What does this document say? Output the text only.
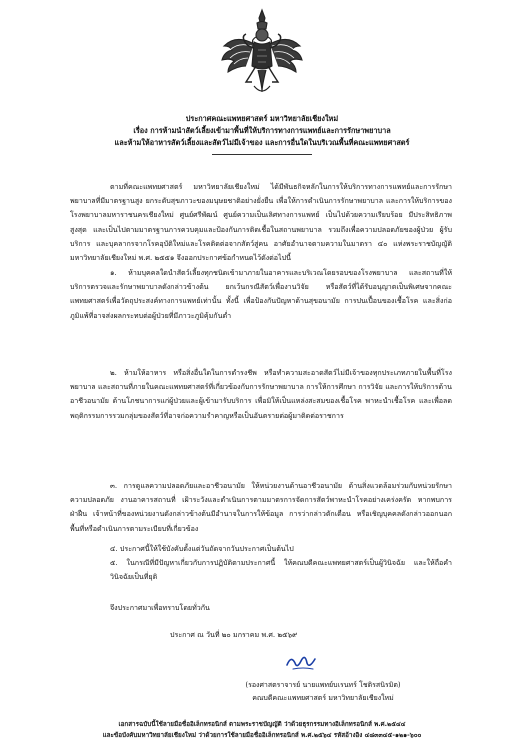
ประกาศคณะแพทยศาสตร์ มหาวิทยาลัยเชียงใหม่
เรื่อง การห้ามนำสัตว์เลี้ยงเข้ามาพื้นที่ให้บริการทางการแพทย์และการรักษาพยาบาล
และห้ามให้อาหารสัตว์เลี้ยงและสัตว์ไม่มีเจ้าของ และการอื่นใดในบริเวณพื้นที่คณะแพทยศาสตร์
ตามที่คณะแพทยศาสตร์ มหาวิทยาลัยเชียงใหม่ ได้มีพันธกิจหลักในการให้บริการทางการแพทย์และการรักษาพยาบาลที่มีมาตรฐานสูง ยกระดับสุขภาวะของมนุษยชาติอย่างยั่งยืน เพื่อให้การดำเนินการรักษาพยาบาล และการให้บริการของโรงพยาบาลมหาราชนครเชียงใหม่ ศูนย์ศรีพัฒน์ ศูนย์ความเป็นเลิศทางการแพทย์ เป็นไปด้วยความเรียบร้อย มีประสิทธิภาพสูงสุด และเป็นไปตามมาตรฐานการควบคุมและป้องกันการติดเชื้อในสถานพยาบาล รวมถึงเพื่อความปลอดภัยของผู้ป่วย ผู้รับบริการ และบุคลากรจากโรคอุบัติใหม่และโรคติดต่อจากสัตว์สู่คน อาศัยอำนาจตามความในมาตรา ๔๐ แห่งพระราชบัญญัติมหาวิทยาลัยเชียงใหม่ พ.ศ. ๒๕๕๑ จึงออกประกาศข้อกำหนดไว้ดังต่อไปนี้
๑. ห้ามบุคคลใดนำสัตว์เลี้ยงทุกชนิดเข้ามาภายในอาคารและบริเวณโดยรอบของโรงพยาบาล และสถานที่ให้บริการตรวจและรักษาพยาบาลดังกล่าวข้างต้น ยกเว้นกรณีสัตว์เพื่องานวิจัย หรือสัตว์ที่ได้รับอนุญาตเป็นพิเศษจากคณะแพทยศาสตร์เพื่อวัตถุประสงค์ทางการแพทย์เท่านั้น ทั้งนี้ เพื่อป้องกันปัญหาด้านสุขอนามัย การปนเปื้อนของเชื้อโรค และสิ่งก่อภูมิแพ้ที่อาจส่งผลกระทบต่อผู้ป่วยที่มีภาวะภูมิคุ้มกันต่ำ
๒. ห้ามให้อาหาร หรือสิ่งอื่นใดในการดำรงชีพ หรือทำความสะอาดสัตว์ไม่มีเจ้าของทุกประเภทภายในพื้นที่โรงพยาบาล และสถานที่ภายในคณะแพทยศาสตร์ที่เกี่ยวข้องกับการรักษาพยาบาล การให้การศึกษา การวิจัย และการให้บริการด้านอาชีวอนามัย ด้านโภชนาการแก่ผู้ป่วยและผู้เข้ามารับบริการ เพื่อมิให้เป็นแหล่งสะสมของเชื้อโรค พาหะนำเชื้อโรค และเพื่อลดพฤติกรรมการรวมกลุ่มของสัตว์ที่อาจก่อความรำคาญหรือเป็นอันตรายต่อผู้มาติดต่อราชการ
๓. การดูแลความปลอดภัยและอาชีวอนามัย ให้หน่วยงานด้านอาชีวอนามัย ด้านสิ่งแวดล้อมร่วมกับหน่วยรักษาความปลอดภัย งานอาคารสถานที่ เฝ้าระวังและดำเนินการตามมาตรการจัดการสัตว์พาหะนำโรคอย่างเคร่งครัด หากพบการฝ่าฝืน เจ้าหน้าที่ของหน่วยงานดังกล่าวข้างต้นมีอำนาจในการให้ข้อมูล การว่ากล่าวตักเตือน หรือเชิญบุคคลดังกล่าวออกนอกพื้นที่หรือดำเนินการตามระเบียบที่เกี่ยวข้อง
๔. ประกาศนี้ให้ใช้บังคับตั้งแต่วันถัดจากวันประกาศเป็นต้นไป
๕. ในกรณีที่มีปัญหาเกี่ยวกับการปฏิบัติตามประกาศนี้ ให้คณบดีคณะแพทยศาสตร์เป็นผู้วินิจฉัย และให้ถือคำวินิจฉัยเป็นที่ยุติ
จึงประกาศมาเพื่อทราบโดยทั่วกัน
ประกาศ ณ วันที่ ๒๐ มกราคม พ.ศ. ๒๕๖๙
(รองศาสตราจารย์ นายแพทย์บเรนทร์ โชติรสนิรมิต)
คณบดีคณะแพทยศาสตร์ มหาวิทยาลัยเชียงใหม่
เอกสารฉบับนี้ใช้ลายมือชื่ออิเล็กทรอนิกส์ ตามพระราชบัญญัติ ว่าด้วยธุรกรรมทางอิเล็กทรอนิกส์ พ.ศ.๒๕๔๔
และข้อบังคับมหาวิทยาลัยเชียงใหม่ ว่าด้วยการใช้ลายมือชื่ออิเล็กทรอนิกส์ พ.ศ.๒๕๖๔ รหัสอ้างอิง ๔๘๓๓๔๕-๑๒๑-๖๐๐
